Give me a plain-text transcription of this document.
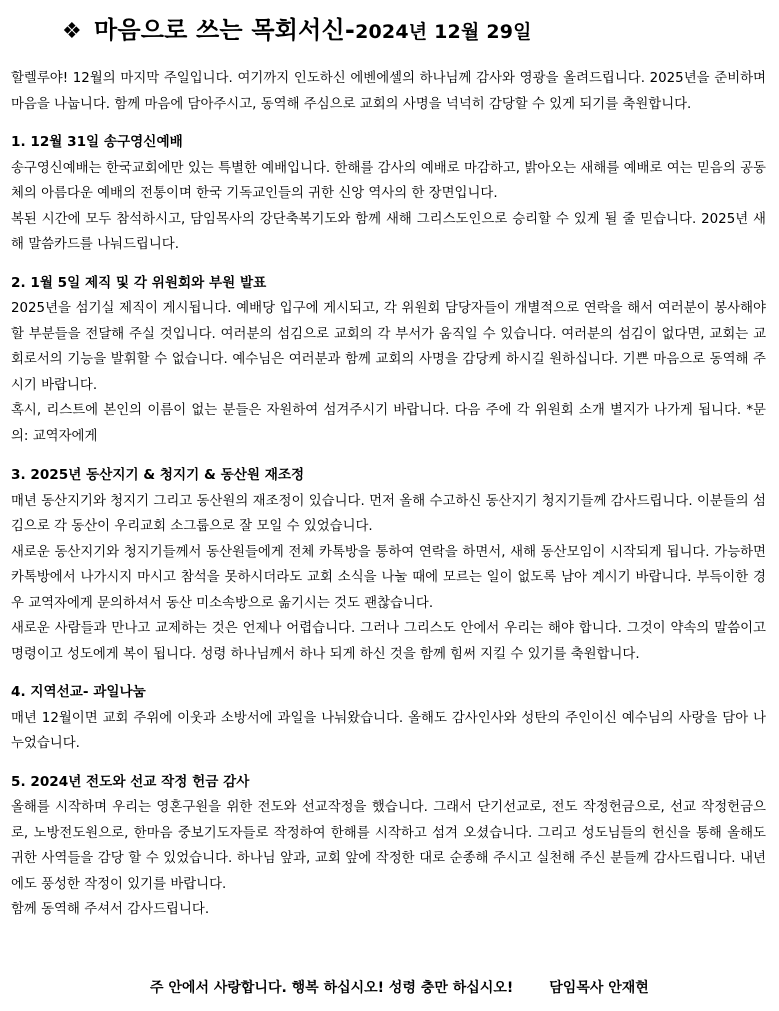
❖ 마음으로 쓰는 목회서신-2024년 12월 29일

할렐루야! 12월의 마지막 주일입니다. 여기까지 인도하신 에벤에셀의 하나님께 감사와 영광을 올려드립니다. 2025년을 준비하며 마음을 나눕니다. 함께 마음에 담아주시고, 동역해 주심으로 교회의 사명을 넉넉히 감당할 수 있게 되기를 축원합니다.

1. 12월 31일 송구영신예배

송구영신예배는 한국교회에만 있는 특별한 예배입니다. 한해를 감사의 예배로 마감하고, 밝아오는 새해를 예배로 여는 믿음의 공동체의 아름다운 예배의 전통이며 한국 기독교인들의 귀한 신앙 역사의 한 장면입니다.

복된 시간에 모두 참석하시고, 담임목사의 강단축복기도와 함께 새해 그리스도인으로 승리할 수 있게 될 줄 믿습니다. 2025년 새해 말씀카드를 나눠드립니다.

2. 1월 5일 제직 및 각 위원회와 부원 발표

2025년을 섬기실 제직이 게시됩니다. 예배당 입구에 게시되고, 각 위원회 담당자들이 개별적으로 연락을 해서 여러분이 봉사해야 할 부분들을 전달해 주실 것입니다. 여러분의 섬김으로 교회의 각 부서가 움직일 수 있습니다. 여러분의 섬김이 없다면, 교회는 교회로서의 기능을 발휘할 수 없습니다. 예수님은 여러분과 함께 교회의 사명을 감당케 하시길 원하십니다. 기쁜 마음으로 동역해 주시기 바랍니다.

혹시, 리스트에 본인의 이름이 없는 분들은 자원하여 섬겨주시기 바랍니다. 다음 주에 각 위원회 소개 별지가 나가게 됩니다. *문의: 교역자에게

3. 2025년 동산지기 & 청지기 & 동산원 재조정

매년 동산지기와 청지기 그리고 동산원의 재조정이 있습니다. 먼저 올해 수고하신 동산지기 청지기들께 감사드립니다. 이분들의 섬김으로 각 동산이 우리교회 소그룹으로 잘 모일 수 있었습니다.

새로운 동산지기와 청지기들께서 동산원들에게 전체 카톡방을 통하여 연락을 하면서, 새해 동산모임이 시작되게 됩니다. 가능하면 카톡방에서 나가시지 마시고 참석을 못하시더라도 교회 소식을 나눌 때에 모르는 일이 없도록 남아 계시기 바랍니다. 부득이한 경우 교역자에게 문의하셔서 동산 미소속방으로 옮기시는 것도 괜찮습니다.

새로운 사람들과 만나고 교제하는 것은 언제나 어렵습니다. 그러나 그리스도 안에서 우리는 해야 합니다. 그것이 약속의 말씀이고 명령이고 성도에게 복이 됩니다. 성령 하나님께서 하나 되게 하신 것을 함께 힘써 지킬 수 있기를 축원합니다.

4. 지역선교- 과일나눔

매년 12월이면 교회 주위에 이웃과 소방서에 과일을 나눠왔습니다. 올해도 감사인사와 성탄의 주인이신 예수님의 사랑을 담아 나누었습니다.

5. 2024년 전도와 선교 작정 헌금 감사

올해를 시작하며 우리는 영혼구원을 위한 전도와 선교작정을 했습니다. 그래서 단기선교로, 전도 작정헌금으로, 선교 작정헌금으로, 노방전도원으로, 한마음 중보기도자들로 작정하여 한해를 시작하고 섬겨 오셨습니다. 그리고 성도님들의 헌신을 통해 올해도 귀한 사역들을 감당 할 수 있었습니다. 하나님 앞과, 교회 앞에 작정한 대로 순종해 주시고 실천해 주신 분들께 감사드립니다. 내년에도 풍성한 작정이 있기를 바랍니다.

함께 동역해 주셔서 감사드립니다.

주 안에서 사랑합니다. 행복 하십시오! 성령 충만 하십시오!	담임목사 안재현
